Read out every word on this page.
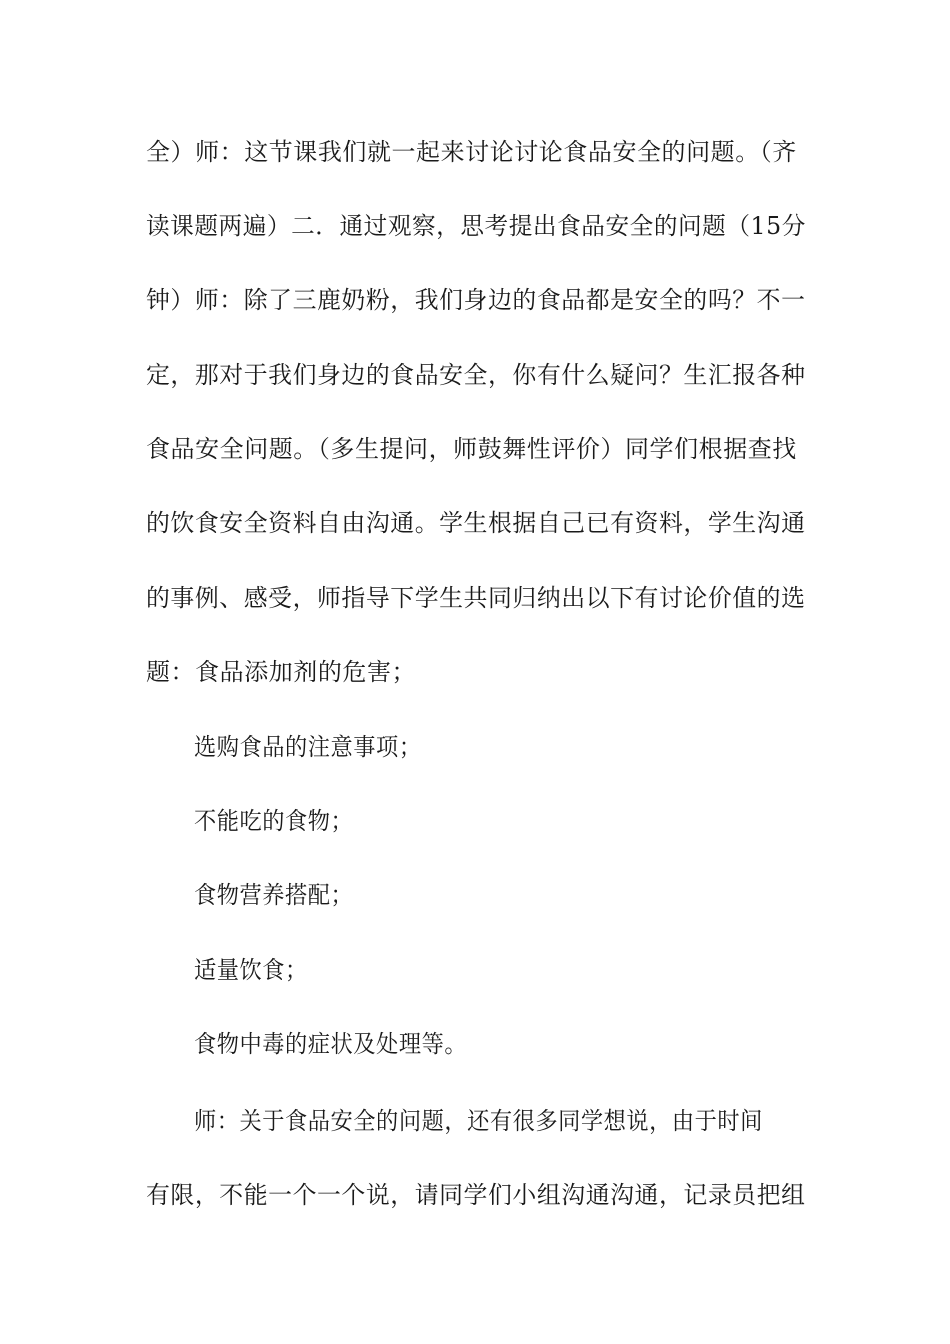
全）师：这节课我们就一起来讨论讨论食品安全的问题。（齐
读课题两遍）二．通过观察，思考提出食品安全的问题（15分
钟）师：除了三鹿奶粉，我们身边的食品都是安全的吗？不一
定，那对于我们身边的食品安全，你有什么疑问？生汇报各种
食品安全问题。（多生提问，师鼓舞性评价）同学们根据查找
的饮食安全资料自由沟通。学生根据自己已有资料，学生沟通
的事例、感受，师指导下学生共同归纳出以下有讨论价值的选
题：食品添加剂的危害；
选购食品的注意事项；
不能吃的食物；
食物营养搭配；
适量饮食；
食物中毒的症状及处理等。
师：关于食品安全的问题，还有很多同学想说，由于时间
有限，不能一个一个说，请同学们小组沟通沟通，记录员把组
